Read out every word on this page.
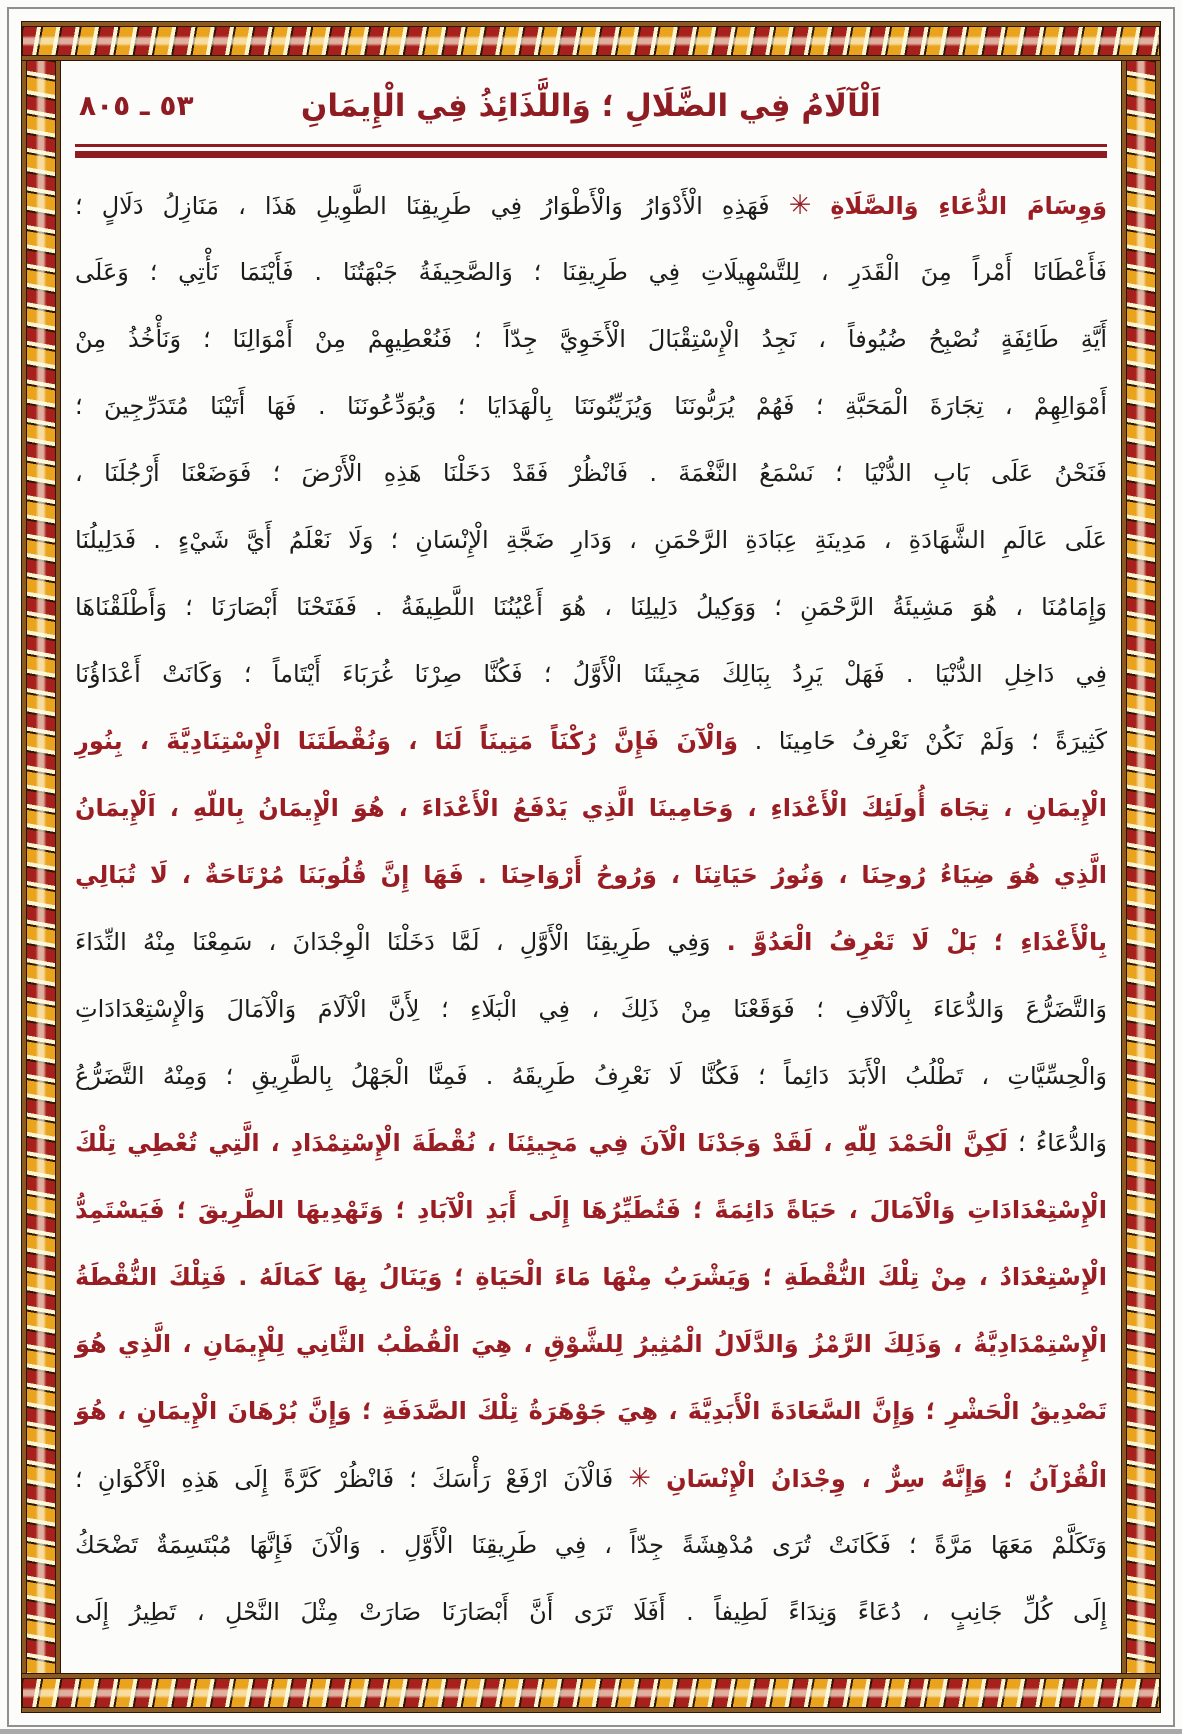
اَلْآلَامُ فِي الضَّلَالِ ؛ وَاللَّذَائِذُ فِي الْإِيمَانِ
٥٣ ـ ٨٠٥
وَوِسَامَ الدُّعَاءِ وَالصَّلَاةِ ✳ فَهَذِهِ الْأَدْوَارُ وَالْأَطْوَارُ فِي طَرِيقِنَا الطَّوِيلِ هَذَا ، مَنَازِلُ دَلَالٍ ؛
فَأَعْطَانَا أَمْراً مِنَ الْقَدَرِ ، لِلتَّسْهِيلَاتِ فِي طَرِيقِنَا ؛ وَالصَّحِيفَةُ جَبْهَتُنَا . فَأَيْنَمَا نَأْتِي ؛ وَعَلَى
أَيَّةِ طَائِفَةٍ نُصْبِحُ ضُيُوفاً ، نَجِدُ الْإِسْتِقْبَالَ الْأَخَوِيَّ جِدّاً ؛ فَنُعْطِيهِمْ مِنْ أَمْوَالِنَا ؛ وَنَأْخُذُ مِنْ
أَمْوَالِهِمْ ، تِجَارَةَ الْمَحَبَّةِ ؛ فَهُمْ يُرَبُّونَنَا وَيُزَيِّنُونَنَا بِالْهَدَايَا ؛ وَيُوَدِّعُونَنَا . فَهَا أَتَيْنَا مُتَدَرِّجِينَ ؛
فَنَحْنُ عَلَى بَابِ الدُّنْيَا ؛ نَسْمَعُ النَّغْمَةَ . فَانْظُرْ فَقَدْ دَخَلْنَا هَذِهِ الْأَرْضَ ؛ فَوَضَعْنَا أَرْجُلَنَا ،
عَلَى عَالَمِ الشَّهَادَةِ ، مَدِينَةِ عِبَادَةِ الرَّحْمَنِ ، وَدَارِ ضَجَّةِ الْإِنْسَانِ ؛ وَلَا نَعْلَمُ أَيَّ شَيْءٍ . فَدَلِيلُنَا
وَإِمَامُنَا ، هُوَ مَشِيئَةُ الرَّحْمَنِ ؛ وَوَكِيلُ دَلِيلِنَا ، هُوَ أَعْيُنُنَا اللَّطِيفَةُ . فَفَتَحْنَا أَبْصَارَنَا ؛ وَأَطْلَقْنَاهَا
فِي دَاخِلِ الدُّنْيَا . فَهَلْ يَرِدُ بِبَالِكَ مَجِيئَنَا الْأَوَّلُ ؛ فَكُنَّا صِرْنَا غُرَبَاءَ أَيْتَاماً ؛ وَكَانَتْ أَعْدَاؤُنَا
كَثِيرَةً ؛ وَلَمْ نَكُنْ نَعْرِفُ حَامِينَا . وَالْآنَ فَإِنَّ رُكْنَاً مَتِينَاً لَنَا ، وَنُقْطَتَنَا الْإِسْتِنَادِيَّةَ ، بِنُورِ
الْإِيمَانِ ، تِجَاهَ أُولَئِكَ الْأَعْدَاءِ ، وَحَامِينَا الَّذِي يَدْفَعُ الْأَعْدَاءَ ، هُوَ الْإِيمَانُ بِاللّهِ ، اَلْإِيمَانُ
الَّذِي هُوَ ضِيَاءُ رُوحِنَا ، وَنُورُ حَيَاتِنَا ، وَرُوحُ أَرْوَاحِنَا . فَهَا إِنَّ قُلُوبَنَا مُرْتَاحَةٌ ، لَا تُبَالِي
بِالْأَعْدَاءِ ؛ بَلْ لَا تَعْرِفُ الْعَدُوَّ . وَفِي طَرِيقِنَا الْأَوَّلِ ، لَمَّا دَخَلْنَا الْوِجْدَانَ ، سَمِعْنَا مِنْهُ النِّدَاءَ
وَالتَّضَرُّعَ وَالدُّعَاءَ بِالْآلَافِ ؛ فَوَقَعْنَا مِنْ ذَلِكَ ، فِي الْبَلَاءِ ؛ لِأَنَّ الْآلَامَ وَالْآمَالَ وَالْإِسْتِعْدَادَاتِ
وَالْحِسِّيَّاتِ ، تَطْلُبُ الْأَبَدَ دَائِماً ؛ فَكُنَّا لَا نَعْرِفُ طَرِيقَهُ . فَمِنَّا الْجَهْلُ بِالطَّرِيقِ ؛ وَمِنْهُ التَّضَرُّعُ
وَالدُّعَاءُ ؛ لَكِنَّ الْحَمْدَ لِلّهِ ، لَقَدْ وَجَدْنَا الْآنَ فِي مَجِيئِنَا ، نُقْطَةَ الْإِسْتِمْدَادِ ، الَّتِي تُعْطِي تِلْكَ
الْإِسْتِعْدَادَاتِ وَالْآمَالَ ، حَيَاةً دَائِمَةً ؛ فَتُطَيِّرُهَا إِلَى أَبَدِ الْآبَادِ ؛ وَتَهْدِيهَا الطَّرِيقَ ؛ فَيَسْتَمِدُّ
الْإِسْتِعْدَادُ ، مِنْ تِلْكَ النُّقْطَةِ ؛ وَيَشْرَبُ مِنْهَا مَاءَ الْحَيَاةِ ؛ وَيَنَالُ بِهَا كَمَالَهُ . فَتِلْكَ النُّقْطَةُ
الْإِسْتِمْدَادِيَّةُ ، وَذَلِكَ الرَّمْزُ وَالدَّلَالُ الْمُثِيرُ لِلشَّوْقِ ، هِيَ الْقُطْبُ الثَّانِي لِلْإِيمَانِ ، الَّذِي هُوَ
تَصْدِيقُ الْحَشْرِ ؛ وَإِنَّ السَّعَادَةَ الْأَبَدِيَّةَ ، هِيَ جَوْهَرَةُ تِلْكَ الصَّدَفَةِ ؛ وَإِنَّ بُرْهَانَ الْإِيمَانِ ، هُوَ
الْقُرْآنُ ؛ وَإِنَّهُ سِرٌّ ، وِجْدَانُ الْإِنْسَانِ ✳ فَالْآنَ ارْفَعْ رَأْسَكَ ؛ فَانْظُرْ كَرَّةً إِلَى هَذِهِ الْأَكْوَانِ ؛
وَتَكَلَّمْ مَعَهَا مَرَّةً ؛ فَكَانَتْ تُرَى مُدْهِشَةً جِدّاً ، فِي طَرِيقِنَا الْأَوَّلِ . وَالْآنَ فَإِنَّهَا مُبْتَسِمَةٌ تَضْحَكُ
إِلَى كُلِّ جَانِبٍ ، دُعَاءً وَنِدَاءً لَطِيفاً . أَفَلَا تَرَى أَنَّ أَبْصَارَنَا صَارَتْ مِثْلَ النَّحْلِ ، تَطِيرُ إِلَى
